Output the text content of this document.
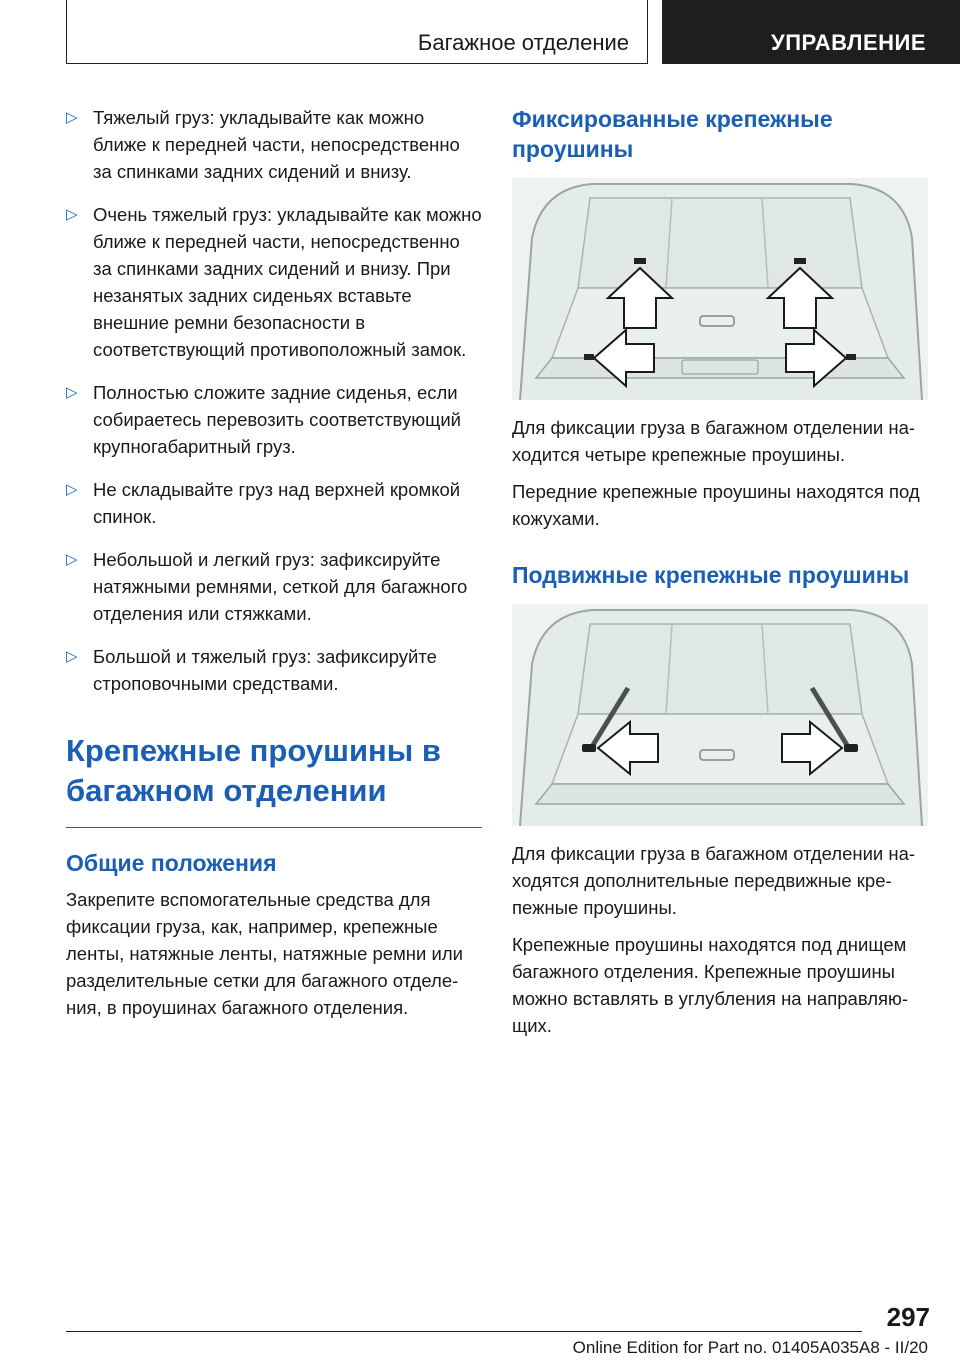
Багажное отделение	УПРАВЛЕНИЕ
▷ Тяжелый груз: укладывайте как можно ближе к передней части, непосредственно за спинками задних сидений и внизу.
▷ Очень тяжелый груз: укладывайте как можно ближе к передней части, непосредственно за спинками задних сидений и внизу. При незанятых задних сиденьях вставьте внешние ремни безопасности в соответствующий противоположный замок.
▷ Полностью сложите задние сиденья, если собираетесь перевозить соответствующий крупногабаритный груз.
▷ Не складывайте груз над верхней кромкой спинок.
▷ Небольшой и легкий груз: зафиксируйте натяжными ремнями, сеткой для багажного отделения или стяжками.
▷ Большой и тяжелый груз: зафиксируйте строповочными средствами.
Крепежные проушины в багажном отделении
Общие положения

Закрепите вспомогательные средства для фиксации груза, как, например, крепежные ленты, натяжные ленты, натяжные ремни или разделительные сетки для багажного отделения, в проушинах багажного отделения.

Фиксированные крепежные проушины

Для фиксации груза в багажном отделении находится четыре крепежные проушины.

Передние крепежные проушины находятся под кожухами.

Подвижные крепежные проушины

Для фиксации груза в багажном отделении находятся дополнительные передвижные крепежные проушины.

Крепежные проушины находятся под днищем багажного отделения. Крепежные проушины можно вставлять в углубления на направляющих.

297
Online Edition for Part no. 01405A035A8 - II/20
